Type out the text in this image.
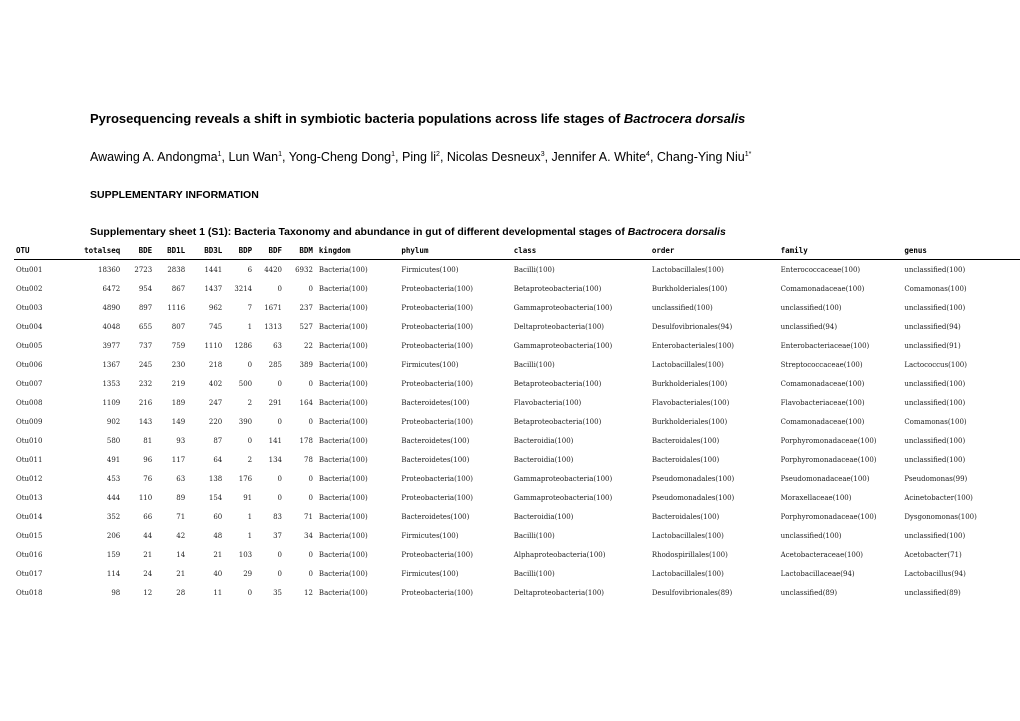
Pyrosequencing reveals a shift in symbiotic bacteria populations across life stages of Bactrocera dorsalis
Awawing A. Andongma$^1$, Lun Wan$^1$, Yong-Cheng Dong$^1$, Ping $li^2$, Nicolas Desneux$^3$, Jennifer A. White$^4$, Chang-Ying Niu$^{1*}$
SUPPLEMENTARY INFORMATION
Supplementary sheet 1 (S1): Bacteria Taxonomy and abundance in gut of different developmental stages of Bactrocera dorsalis
OTU	totalseq	BDE	BD1L	BD3L	BDP	BDF	BDM	kingdom	phylum	class	order	family	genus
Otu001	18360	2723	2838	1441	6	4420	6932	Bacteria(100)	Firmicutes(100)	Bacilli(100)	Lactobacillales(100)	Enterococcaceae(100)	unclassified(100)
Otu002	6472	954	867	1437	3214	0	0	Bacteria(100)	Proteobacteria(100)	Betaproteobacteria(100)	Burkholderiales(100)	Comamonadaceae(100)	Comamonas(100)
Otu003	4890	897	1116	962	7	1671	237	Bacteria(100)	Proteobacteria(100)	Gammaproteobacteria(100)	unclassified(100)	unclassified(100)	unclassified(100)
Otu004	4048	655	807	745	1	1313	527	Bacteria(100)	Proteobacteria(100)	Deltaproteobacteria(100)	Desulfovibrionales(94)	unclassified(94)	unclassified(94)
Otu005	3977	737	759	1110	1286	63	22	Bacteria(100)	Proteobacteria(100)	Gammaproteobacteria(100)	Enterobacteriales(100)	Enterobacteriaceae(100)	unclassified(91)
Otu006	1367	245	230	218	0	285	389	Bacteria(100)	Firmicutes(100)	Bacilli(100)	Lactobacillales(100)	Streptococcaceae(100)	Lactococcus(100)
Otu007	1353	232	219	402	500	0	0	Bacteria(100)	Proteobacteria(100)	Betaproteobacteria(100)	Burkholderiales(100)	Comamonadaceae(100)	unclassified(100)
Otu008	1109	216	189	247	2	291	164	Bacteria(100)	Bacteroidetes(100)	Flavobacteria(100)	Flavobacteriales(100)	Flavobacteriaceae(100)	unclassified(100)
Otu009	902	143	149	220	390	0	0	Bacteria(100)	Proteobacteria(100)	Betaproteobacteria(100)	Burkholderiales(100)	Comamonadaceae(100)	Comamonas(100)
Otu010	580	81	93	87	0	141	178	Bacteria(100)	Bacteroidetes(100)	Bacteroidia(100)	Bacteroidales(100)	Porphyromonadaceae(100)	unclassified(100)
Otu011	491	96	117	64	2	134	78	Bacteria(100)	Bacteroidetes(100)	Bacteroidia(100)	Bacteroidales(100)	Porphyromonadaceae(100)	unclassified(100)
Otu012	453	76	63	138	176	0	0	Bacteria(100)	Proteobacteria(100)	Gammaproteobacteria(100)	Pseudomonadales(100)	Pseudomonadaceae(100)	Pseudomonas(99)
Otu013	444	110	89	154	91	0	0	Bacteria(100)	Proteobacteria(100)	Gammaproteobacteria(100)	Pseudomonadales(100)	Moraxellaceae(100)	Acinetobacter(100)
Otu014	352	66	71	60	1	83	71	Bacteria(100)	Bacteroidetes(100)	Bacteroidia(100)	Bacteroidales(100)	Porphyromonadaceae(100)	Dysgonomonas(100)
Otu015	206	44	42	48	1	37	34	Bacteria(100)	Firmicutes(100)	Bacilli(100)	Lactobacillales(100)	unclassified(100)	unclassified(100)
Otu016	159	21	14	21	103	0	0	Bacteria(100)	Proteobacteria(100)	Alphaproteobacteria(100)	Rhodospirillales(100)	Acetobacteraceae(100)	Acetobacter(71)
Otu017	114	24	21	40	29	0	0	Bacteria(100)	Firmicutes(100)	Bacilli(100)	Lactobacillales(100)	Lactobacillaceae(94)	Lactobacillus(94)
Otu018	98	12	28	11	0	35	12	Bacteria(100)	Proteobacteria(100)	Deltaproteobacteria(100)	Desulfovibrionales(89)	unclassified(89)	unclassified(89)
